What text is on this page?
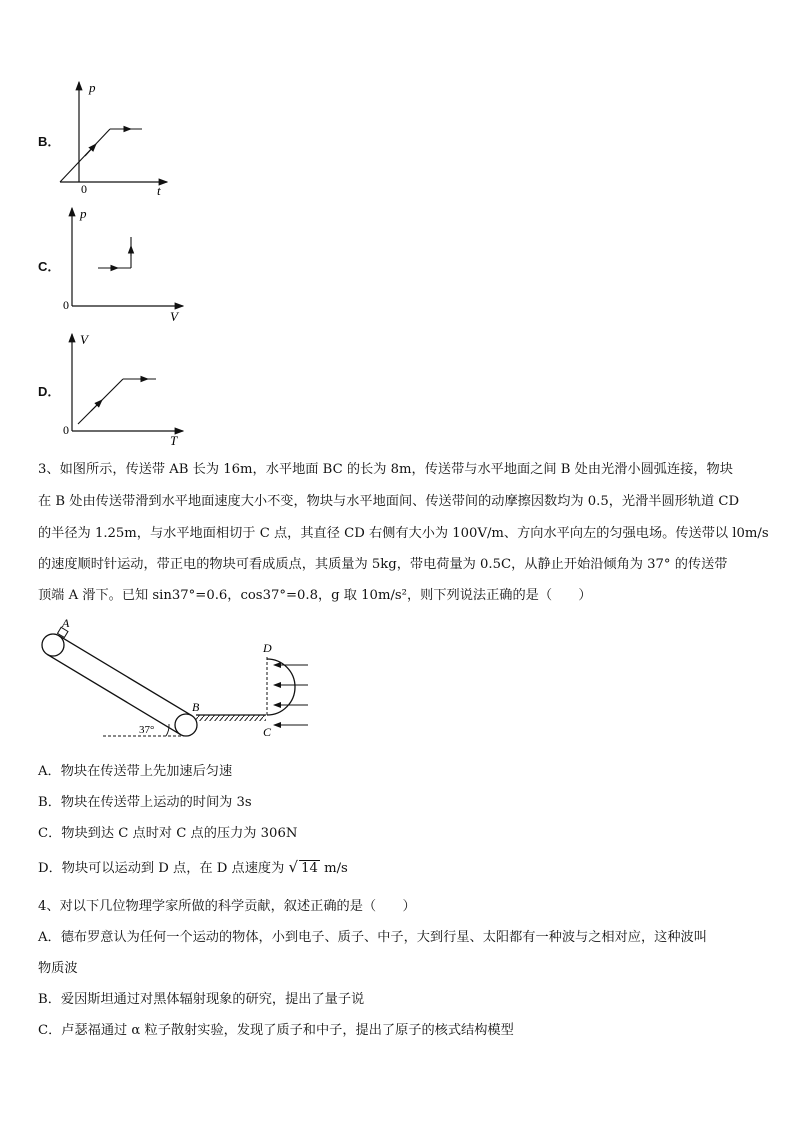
B．
p
0	t
C．
p
0
V
D．
V
0
T
3、如图所示，传送带 AB 长为 16m，水平地面 BC 的长为 8m，传送带与水平地面之间 B 处由光滑小圆弧连接，物块
在 B 处由传送带滑到水平地面速度大小不变，物块与水平地面间、传送带间的动摩擦因数均为 0.5，光滑半圆形轨道 CD
的半径为 1.25m，与水平地面相切于 C 点，其直径 CD 右侧有大小为 100V/m、方向水平向左的匀强电场。传送带以 l0m/s
的速度顺时针运动，带正电的物块可看成质点，其质量为 5kg，带电荷量为 0.5C，从静止开始沿倾角为 37° 的传送带
顶端 A 滑下。已知 sin37°=0.6，cos37°=0.8，g 取 10m/s²，则下列说法正确的是（　　）
A
37°
B
D
C
A．物块在传送带上先加速后匀速
B．物块在传送带上运动的时间为 3s
C．物块到达 C 点时对 C 点的压力为 306N
D．物块可以运动到 D 点，在 D 点速度为 √ 14 m/s
4、对以下几位物理学家所做的科学贡献，叙述正确的是（　　）
A．德布罗意认为任何一个运动的物体，小到电子、质子、中子，大到行星、太阳都有一种波与之相对应，这种波叫
物质波
B．爱因斯坦通过对黑体辐射现象的研究，提出了量子说
C．卢瑟福通过 α 粒子散射实验，发现了质子和中子，提出了原子的核式结构模型
